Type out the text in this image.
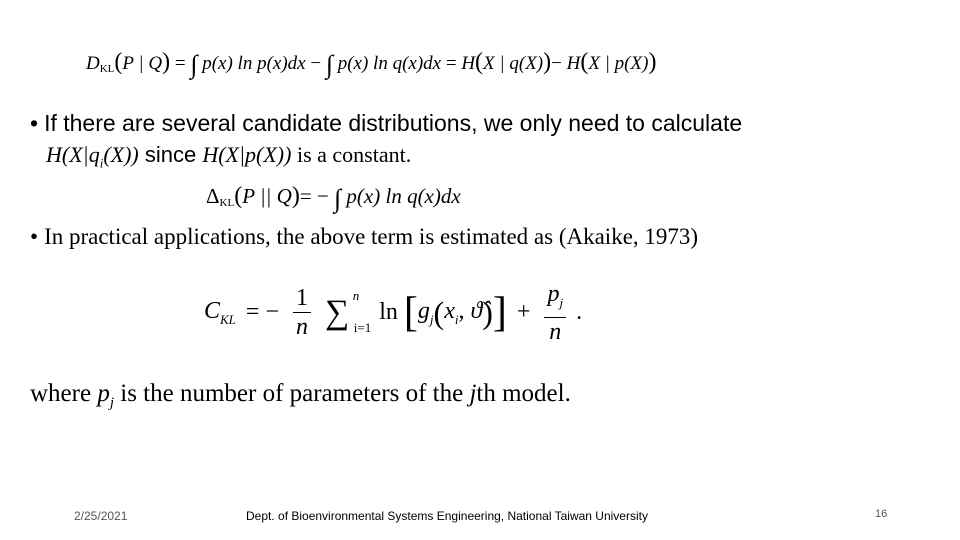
$D_{KL}(P$ | Q) = ∫ p(x) ln p(x)dx − ∫ p(x) ln q(x)dx = H(X | q(X))− H(X | p(X))
• If there are several candidate distributions, we only need to calculate
$H(X|q_i(X))$ since H(X|p(X)) is a constant.
$\Delta_{KL}(P$ || Q)= − ∫ p(x) ln q(x)dx
• In practical applications, the above term is estimated as (Akaike, 1973)
$C_{KL}$ = − $\frac{1}{n}$ ∑ n
i=1
$\ln [g_j(x_i$, ϑ̂)] + $\frac{p_j}{n}$ .
where $p_j$ is the number of parameters of the jth model.
2/25/2021	Dept. of Bioenvironmental Systems Engineering, National Taiwan University	16
